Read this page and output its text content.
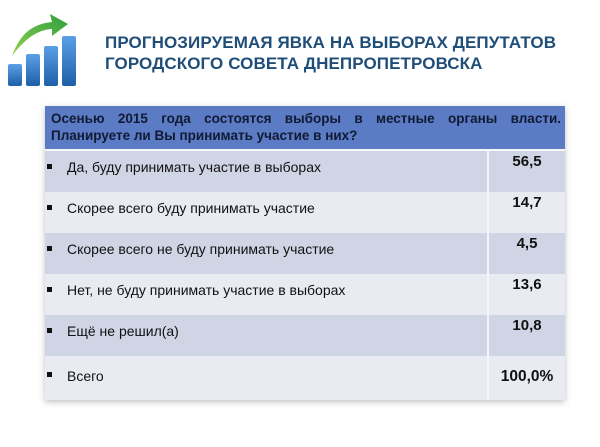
ПРОГНОЗИРУЕМАЯ ЯВКА НА ВЫБОРАХ ДЕПУТАТОВ
ГОРОДСКОГО СОВЕТА ДНЕПРОПЕТРОВСКА
Осенью 2015 года состоятся выборы в местные органы власти. Планируете ли Вы принимать участие в них?
Да, буду принимать участие в выборах	56,5
Скорее всего буду принимать участие	14,7
Скорее всего не буду принимать участие	4,5
Нет, не буду принимать участие в выборах	13,6
Ещё не решил(а)	10,8
Всего	100,0%
